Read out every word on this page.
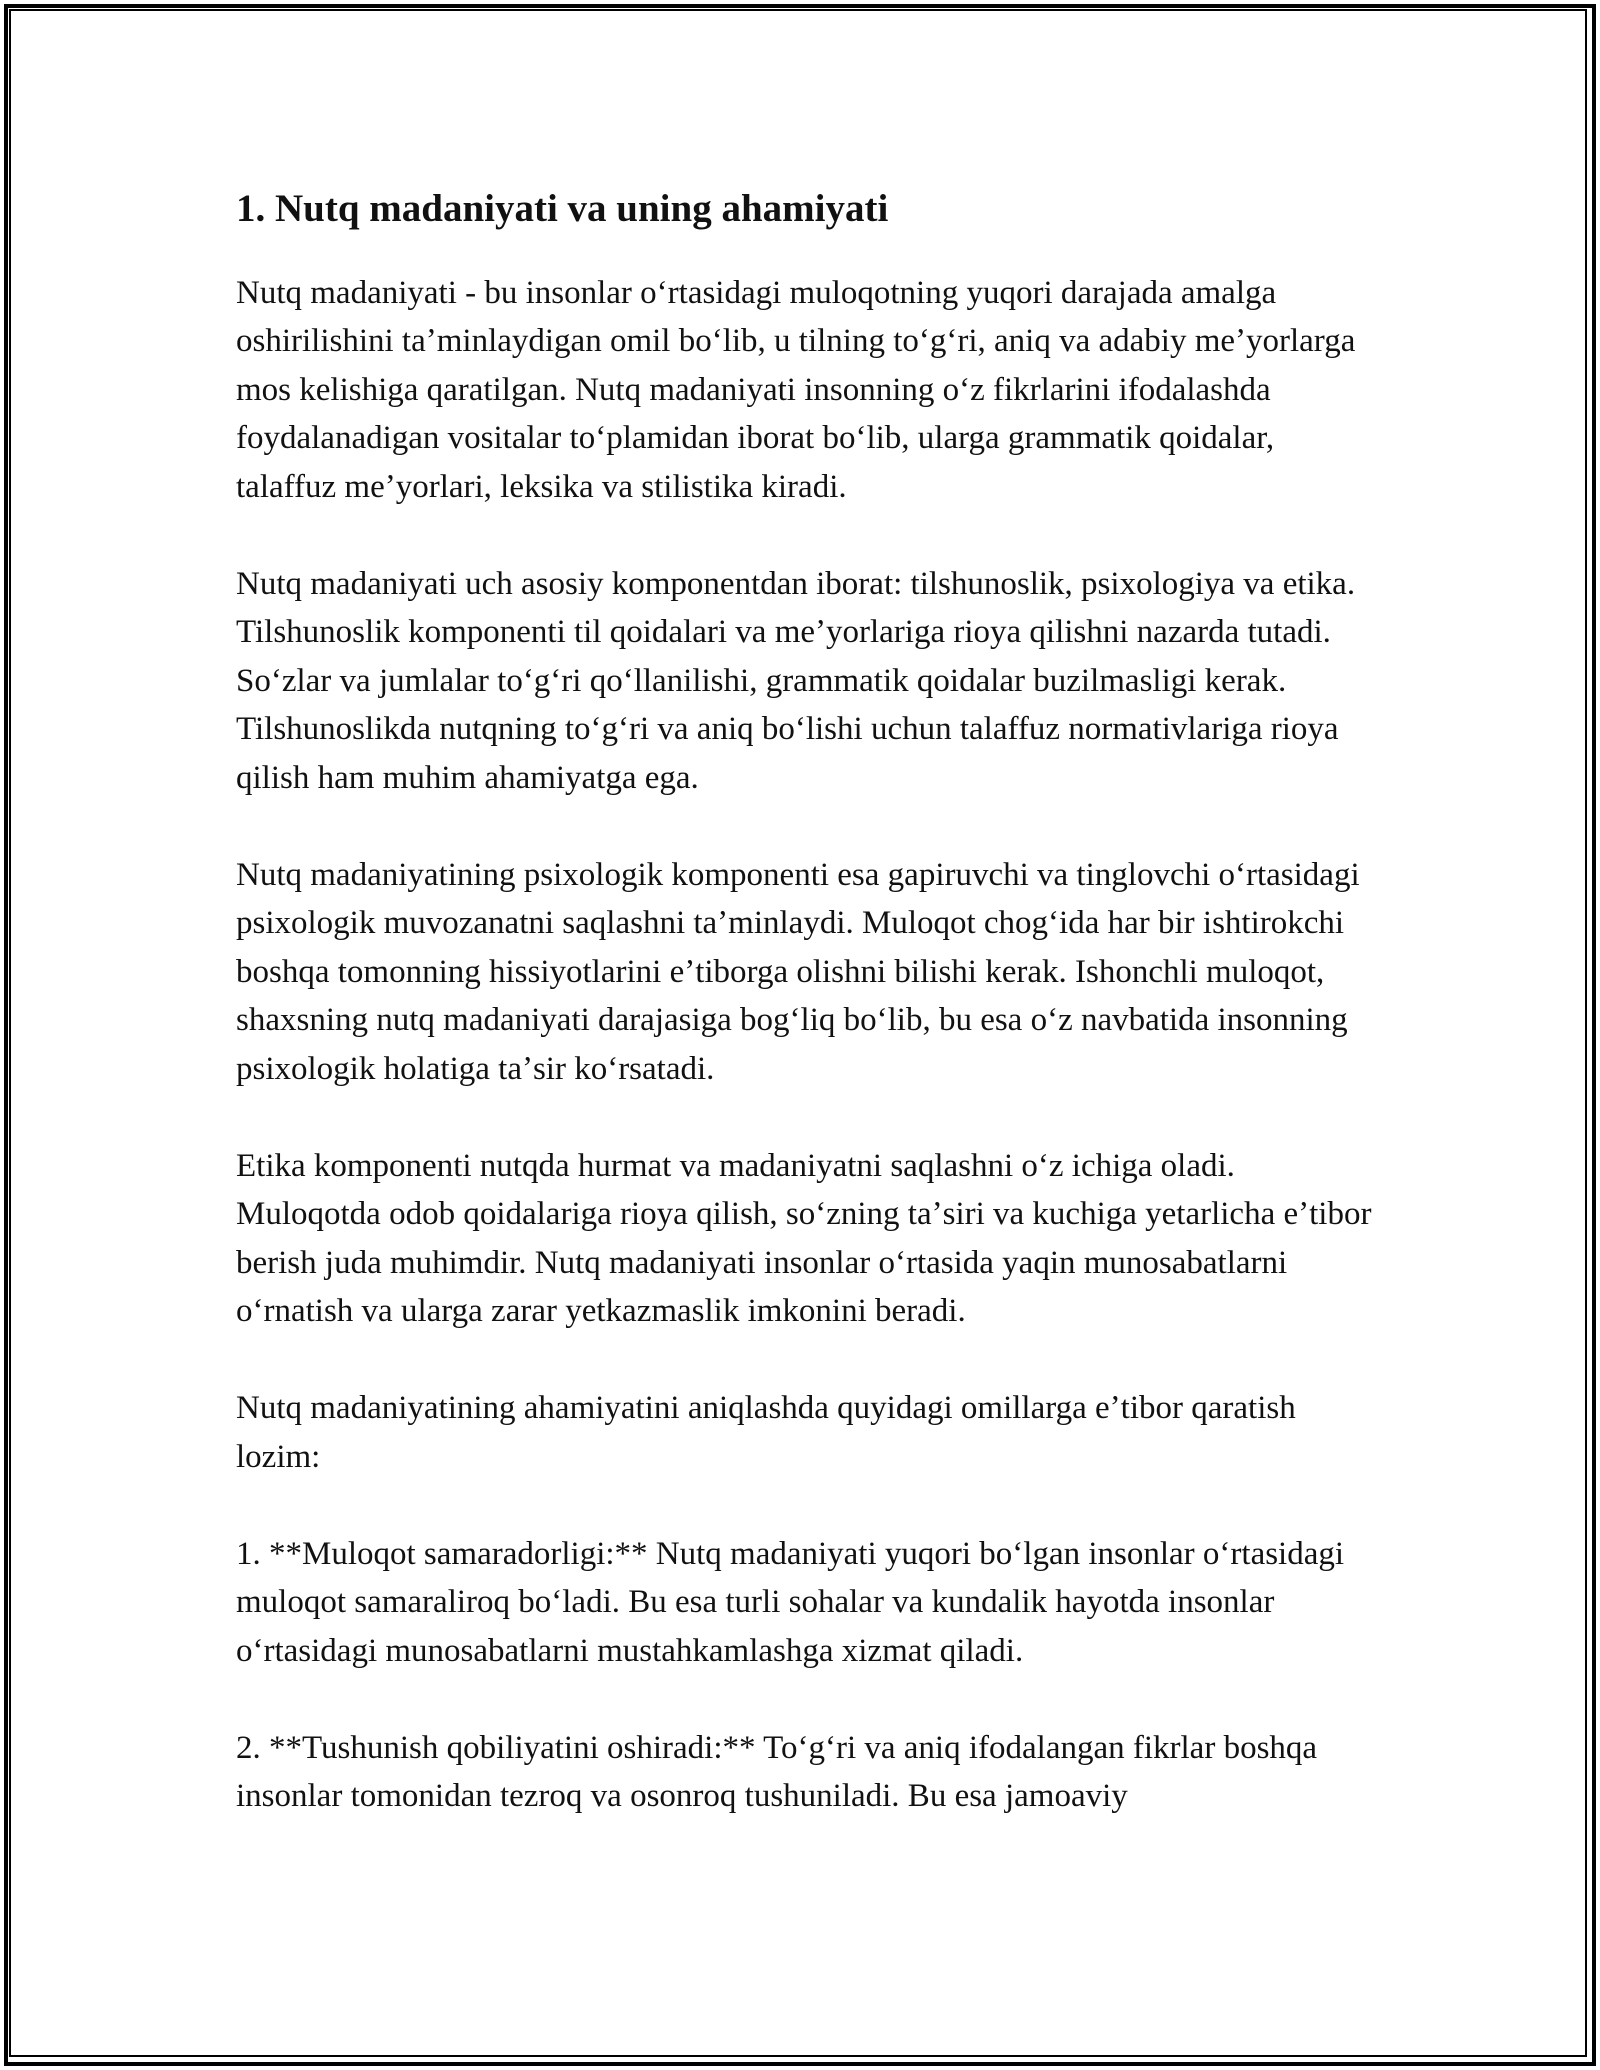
1. Nutq madaniyati va uning ahamiyati

Nutq madaniyati - bu insonlar oʻrtasidagi muloqotning yuqori darajada amalga oshirilishini taʼminlaydigan omil boʻlib, u tilning toʻgʻri, aniq va adabiy meʼyorlarga mos kelishiga qaratilgan. Nutq madaniyati insonning oʻz fikrlarini ifodalashda foydalanadigan vositalar toʻplamidan iborat boʻlib, ularga grammatik qoidalar, talaffuz meʼyorlari, leksika va stilistika kiradi.

Nutq madaniyati uch asosiy komponentdan iborat: tilshunoslik, psixologiya va etika. Tilshunoslik komponenti til qoidalari va meʼyorlariga rioya qilishni nazarda tutadi. Soʻzlar va jumlalar toʻgʻri qoʻllanilishi, grammatik qoidalar buzilmasligi kerak. Tilshunoslikda nutqning toʻgʻri va aniq boʻlishi uchun talaffuz normativlariga rioya qilish ham muhim ahamiyatga ega.

Nutq madaniyatining psixologik komponenti esa gapiruvchi va tinglovchi oʻrtasidagi psixologik muvozanatni saqlashni taʼminlaydi. Muloqot chogʻida har bir ishtirokchi boshqa tomonning hissiyotlarini eʼtiborga olishni bilishi kerak. Ishonchli muloqot, shaxsning nutq madaniyati darajasiga bogʻliq boʻlib, bu esa oʻz navbatida insonning psixologik holatiga taʼsir koʻrsatadi.

Etika komponenti nutqda hurmat va madaniyatni saqlashni oʻz ichiga oladi. Muloqotda odob qoidalariga rioya qilish, soʻzning taʼsiri va kuchiga yetarlicha eʼtibor berish juda muhimdir. Nutq madaniyati insonlar oʻrtasida yaqin munosabatlarni oʻrnatish va ularga zarar yetkazmaslik imkonini beradi.

Nutq madaniyatining ahamiyatini aniqlashda quyidagi omillarga eʼtibor qaratish lozim:

1. **Muloqot samaradorligi:** Nutq madaniyati yuqori boʻlgan insonlar oʻrtasidagi muloqot samaraliroq boʻladi. Bu esa turli sohalar va kundalik hayotda insonlar oʻrtasidagi munosabatlarni mustahkamlashga xizmat qiladi.

2. **Tushunish qobiliyatini oshiradi:** Toʻgʻri va aniq ifodalangan fikrlar boshqa insonlar tomonidan tezroq va osonroq tushuniladi. Bu esa jamoaviy
